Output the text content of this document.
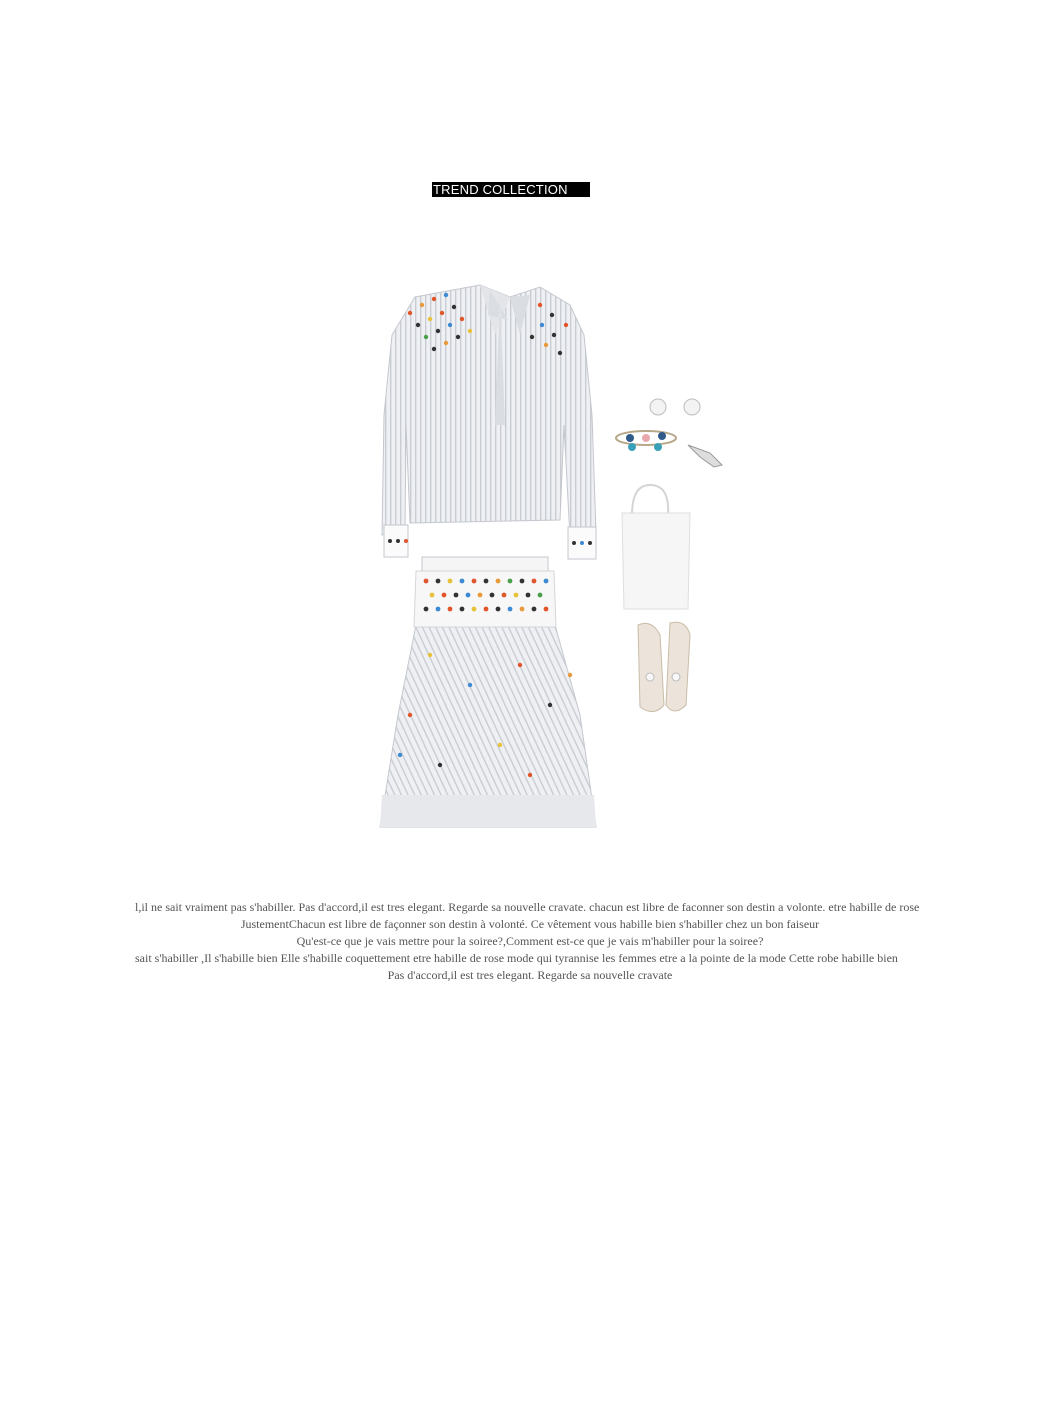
TREND COLLECTION

l,il ne sait vraiment pas s'habiller. Pas d'accord,il est tres elegant. Regarde sa nouvelle cravate. chacun est libre de faconner son destin a volonte. etre habille de rose

JustementChacun est libre de façonner son destin à volonté. Ce vêtement vous habille bien s'habiller chez un bon faiseur

Qu'est-ce que je vais mettre pour la soiree?,Comment est-ce que je vais m'habiller pour la soiree?

sait s'habiller ,Il s'habille bien Elle s'habille coquettement etre habille de rose mode qui tyrannise les femmes etre a la pointe de la mode Cette robe habille bien

Pas d'accord,il est tres elegant. Regarde sa nouvelle cravate
